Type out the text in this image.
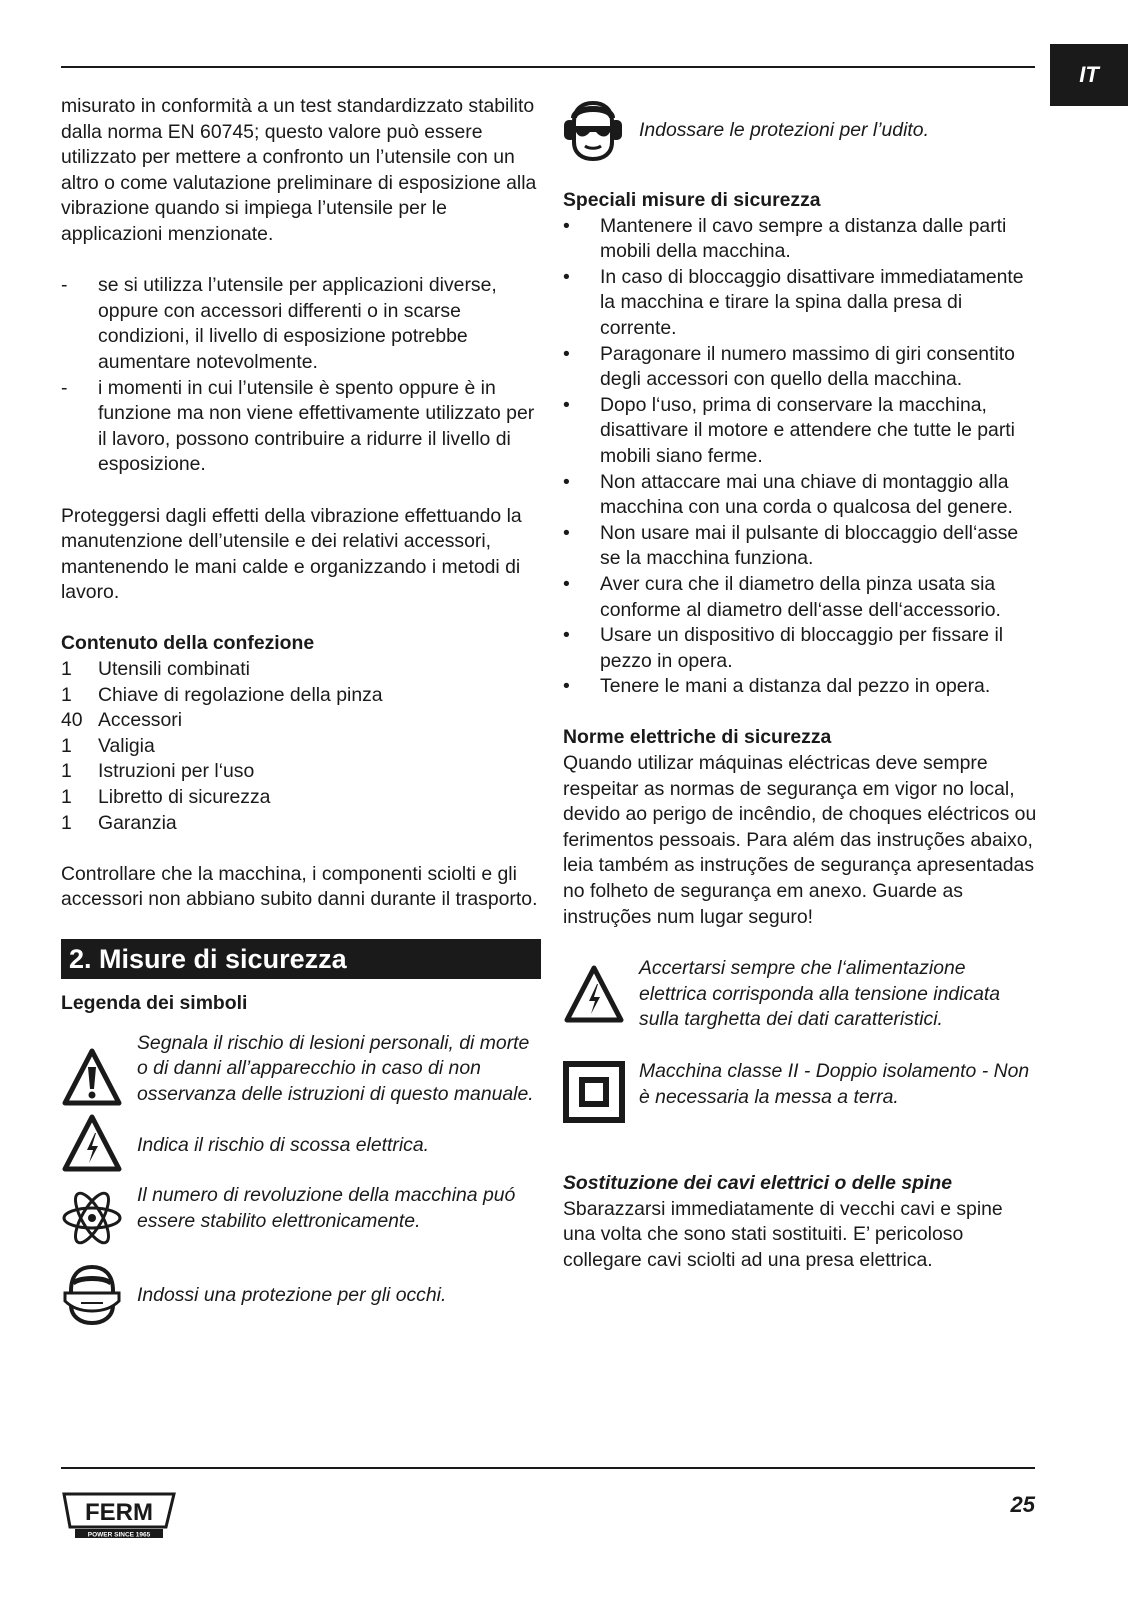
IT

misurato in conformità a un test standardizzato stabilito dalla norma EN 60745; questo valore può essere utilizzato per mettere a confronto un l’utensile con un altro o come valutazione preliminare di esposizione alla vibrazione quando si impiega l’utensile per le applicazioni menzionate.

-	se si utilizza l’utensile per applicazioni diverse, oppure con accessori differenti o in scarse condizioni, il livello di esposizione potrebbe aumentare notevolmente.
-	i momenti in cui l’utensile è spento oppure è in funzione ma non viene effettivamente utilizzato per il lavoro, possono contribuire a ridurre il livello di esposizione.

Proteggersi dagli effetti della vibrazione effettuando la manutenzione dell’utensile e dei relativi accessori, mantenendo le mani calde e organizzando i metodi di lavoro.

Contenuto della confezione

1	Utensili combinati
1	Chiave di regolazione della pinza
40 Accessori
1	Valigia
1	Istruzioni per l‘uso
1	Libretto di sicurezza
1	Garanzia

Controllare che la macchina, i componenti sciolti e gli accessori non abbiano subito danni durante il trasporto.

2. Misure di sicurezza

Legenda dei simboli

Segnala il rischio di lesioni personali, di morte o di danni all’apparecchio in caso di non osservanza delle istruzioni di questo manuale.
Indica il rischio di scossa elettrica.
Il numero di revoluzione della macchina puó essere stabilito elettronicamente.
Indossi una protezione per gli occhi.
Indossare le protezioni per l’udito.

Speciali misure di sicurezza

•	Mantenere il cavo sempre a distanza dalle parti mobili della macchina.
•	In caso di bloccaggio disattivare immediatamente la macchina e tirare la spina dalla presa di corrente.
•	Paragonare il numero massimo di giri consentito degli accessori con quello della macchina.
•	Dopo l‘uso, prima di conservare la macchina, disattivare il motore e attendere che tutte le parti mobili siano ferme.
•	Non attaccare mai una chiave di montaggio alla macchina con una corda o qualcosa del genere.
•	Non usare mai il pulsante di bloccaggio dell‘asse se la macchina funziona.
•	Aver cura che il diametro della pinza usata sia conforme al diametro dell‘asse dell‘accessorio.
•	Usare un dispositivo di bloccaggio per fissare il pezzo in opera.
•	Tenere le mani a distanza dal pezzo in opera.

Norme elettriche di sicurezza

Quando utilizar máquinas eléctricas deve sempre respeitar as normas de segurança em vigor no local, devido ao perigo de incêndio, de choques eléctricos ou ferimentos pessoais. Para além das instruções abaixo, leia também as instruções de segurança apresentadas no folheto de segurança em anexo. Guarde as instruções num lugar seguro!

Accertarsi sempre che l‘alimentazione elettrica corrisponda alla tensione indicata sulla targhetta dei dati caratteristici.
Macchina classe II - Doppio isolamento - Non è necessaria la messa a terra.

Sostituzione dei cavi elettrici o delle spine

Sbarazzarsi immediatamente di vecchi cavi e spine una volta che sono stati sostituiti. E’ pericoloso collegare cavi sciolti ad una presa elettrica.

FERM
POWER SINCE 1965
25
